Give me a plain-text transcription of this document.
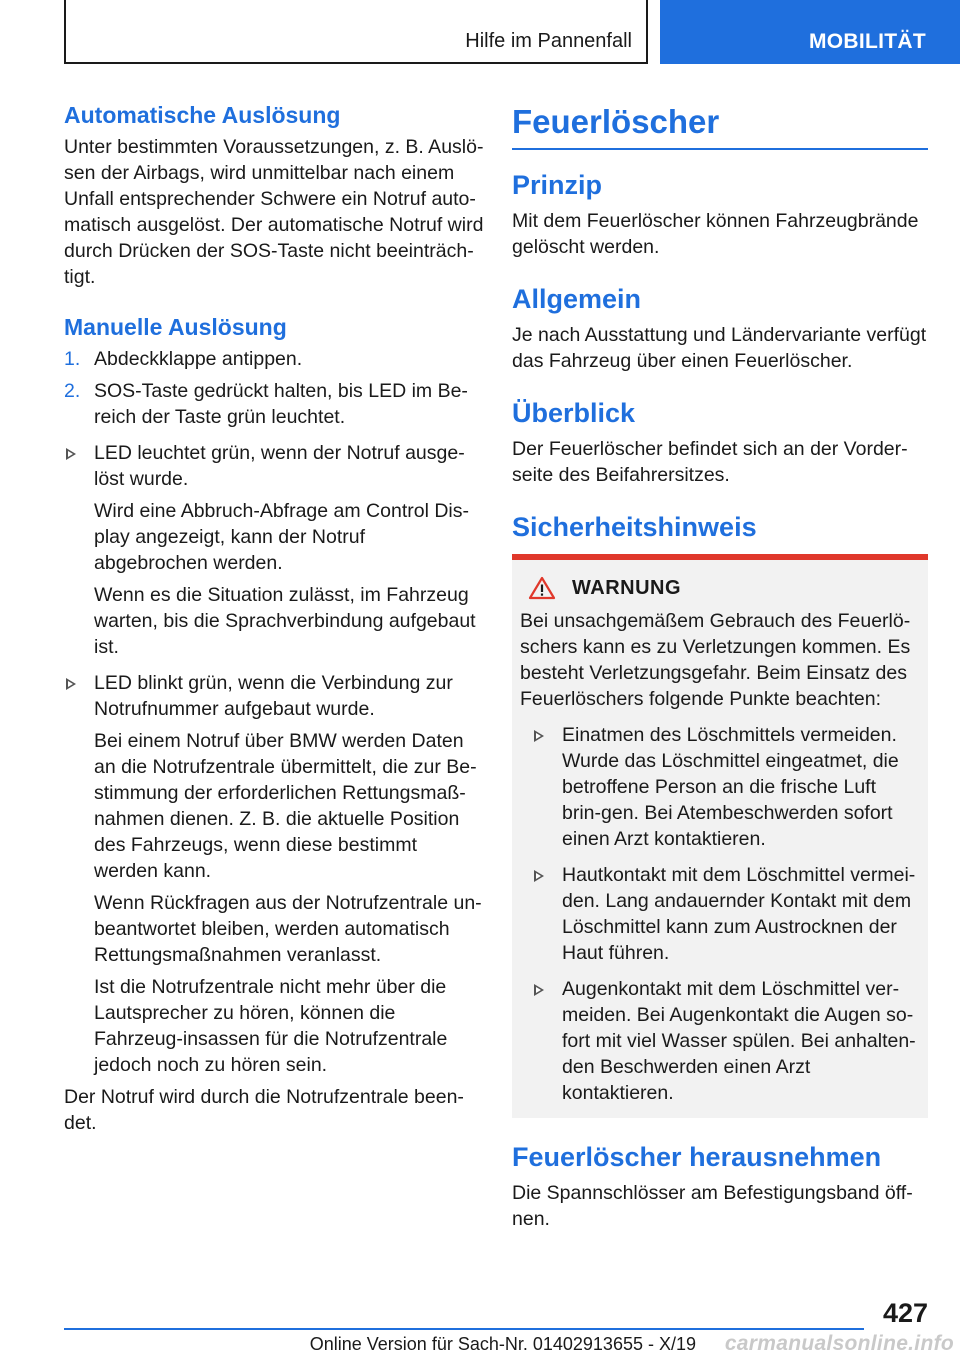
Hilfe im Pannenfall	MOBILITÄT
Automatische Auslösung

Unter bestimmten Voraussetzungen, z. B. Auslö-sen der Airbags, wird unmittelbar nach einem Unfall entsprechender Schwere ein Notruf auto-matisch ausgelöst. Der automatische Notruf wird durch Drücken der SOS-Taste nicht beeinträch-tigt.

Manuelle Auslösung
1. Abdeckklappe antippen.
2. SOS-Taste gedrückt halten, bis LED im Be-reich der Taste grün leuchtet.

LED leuchtet grün, wenn der Notruf ausge-löst wurde.

Wird eine Abbruch-Abfrage am Control Dis-play angezeigt, kann der Notruf abgebrochen werden.

Wenn es die Situation zulässt, im Fahrzeug warten, bis die Sprachverbindung aufgebaut ist.

LED blinkt grün, wenn die Verbindung zur Notrufnummer aufgebaut wurde.

Bei einem Notruf über BMW werden Daten an die Notrufzentrale übermittelt, die zur Be-stimmung der erforderlichen Rettungsmaß-nahmen dienen. Z. B. die aktuelle Position des Fahrzeugs, wenn diese bestimmt werden kann.

Wenn Rückfragen aus der Notrufzentrale un-beantwortet bleiben, werden automatisch Rettungsmaßnahmen veranlasst.

Ist die Notrufzentrale nicht mehr über die Lautsprecher zu hören, können die Fahrzeug-insassen für die Notrufzentrale jedoch noch zu hören sein.

Der Notruf wird durch die Notrufzentrale been-det.

Feuerlöscher
Prinzip

Mit dem Feuerlöscher können Fahrzeugbrände gelöscht werden.

Allgemein

Je nach Ausstattung und Ländervariante verfügt das Fahrzeug über einen Feuerlöscher.

Überblick

Der Feuerlöscher befindet sich an der Vorder-seite des Beifahrersitzes.

Sicherheitshinweis
WARNUNG

Bei unsachgemäßem Gebrauch des Feuerlö-schers kann es zu Verletzungen kommen. Es besteht Verletzungsgefahr. Beim Einsatz des Feuerlöschers folgende Punkte beachten:

Einatmen des Löschmittels vermeiden. Wurde das Löschmittel eingeatmet, die betroffene Person an die frische Luft brin-gen. Bei Atembeschwerden sofort einen Arzt kontaktieren.

Hautkontakt mit dem Löschmittel vermei-den. Lang andauernder Kontakt mit dem Löschmittel kann zum Austrocknen der Haut führen.

Augenkontakt mit dem Löschmittel ver-meiden. Bei Augenkontakt die Augen so-fort mit viel Wasser spülen. Bei anhalten-den Beschwerden einen Arzt kontaktieren.

Feuerlöscher herausnehmen

Die Spannschlösser am Befestigungsband öff-nen.

427
Online Version für Sach-Nr. 01402913655 - X/19 carmanualsonline.info
